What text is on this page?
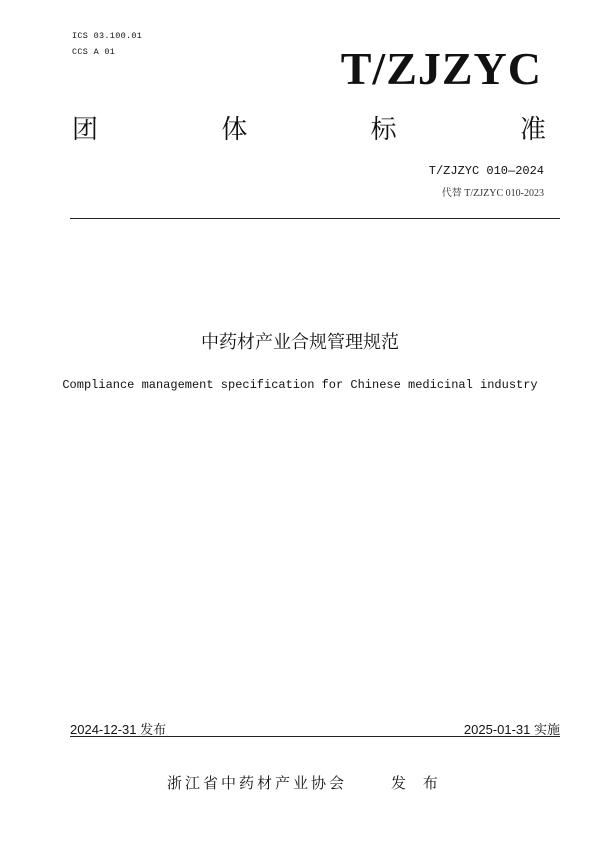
ICS 03.100.01
CCS A 01	T/ZJZYC
团	体	标	准
T/ZJZYC 010—2024
代替 T/ZJZYC 010-2023
中药材产业合规管理规范
Compliance management specification for Chinese medicinal industry
2024-12-31 发布	2025-01-31 实施
浙江省中药材产业协会	发 布
